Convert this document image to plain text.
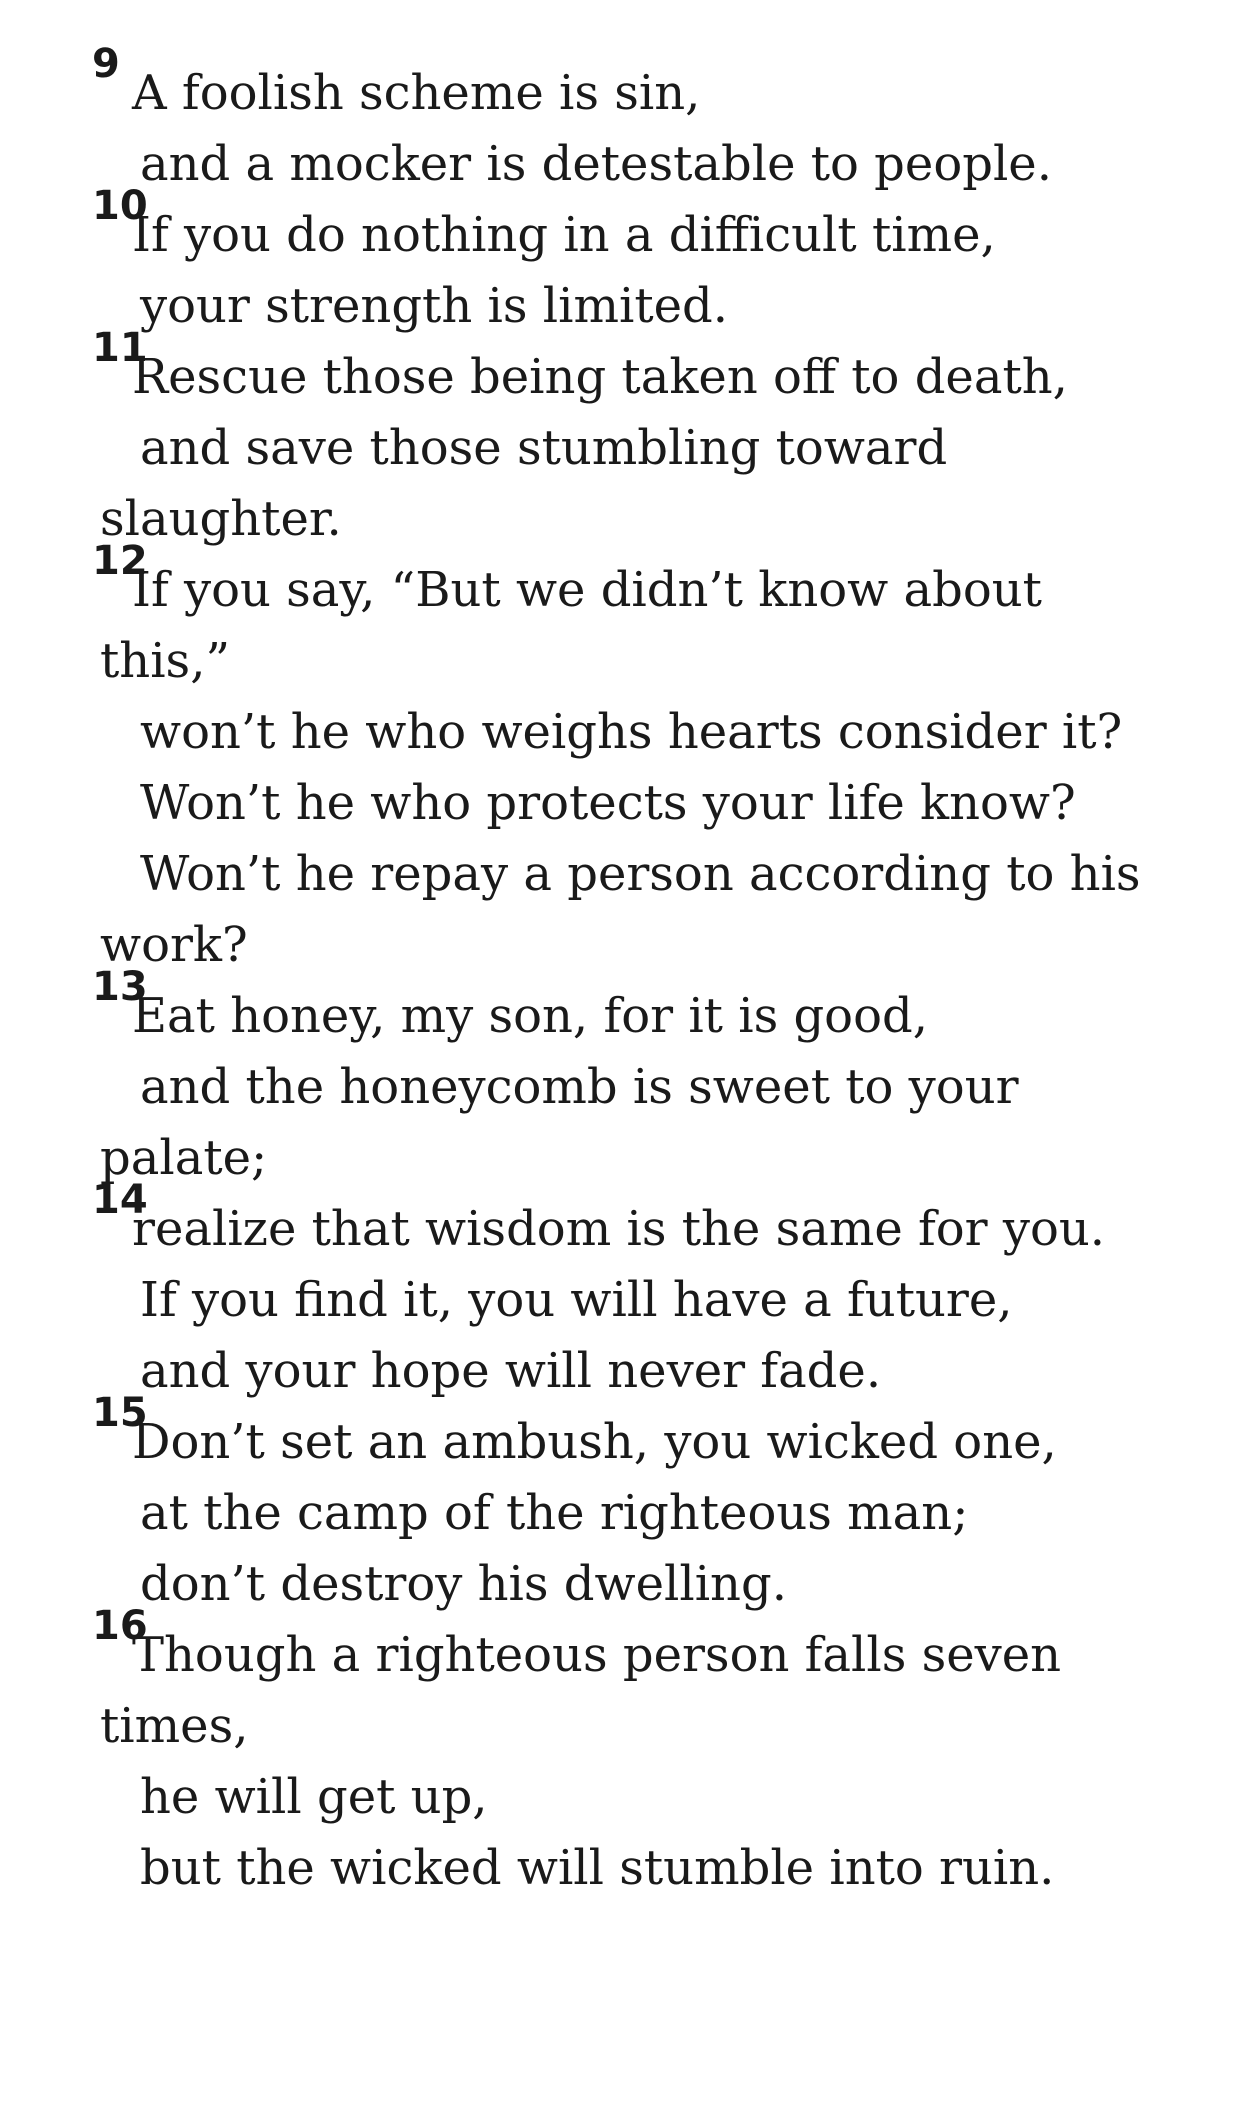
9
A foolish scheme is sin,
and a mocker is detestable to people.
10
If you do nothing in a difficult time,
your strength is limited.
11
Rescue those being taken off to death,
and save those stumbling toward
slaughter.
12
If you say, “But we didn’t know about
this,”
won’t he who weighs hearts consider it?
Won’t he who protects your life know?
Won’t he repay a person according to his
work?
13
Eat honey, my son, for it is good,
and the honeycomb is sweet to your
palate;
14
realize that wisdom is the same for you.
If you find it, you will have a future,
and your hope will never fade.
15
Don’t set an ambush, you wicked one,
at the camp of the righteous man;
don’t destroy his dwelling.
16
Though a righteous person falls seven
times,
he will get up,
but the wicked will stumble into ruin.
